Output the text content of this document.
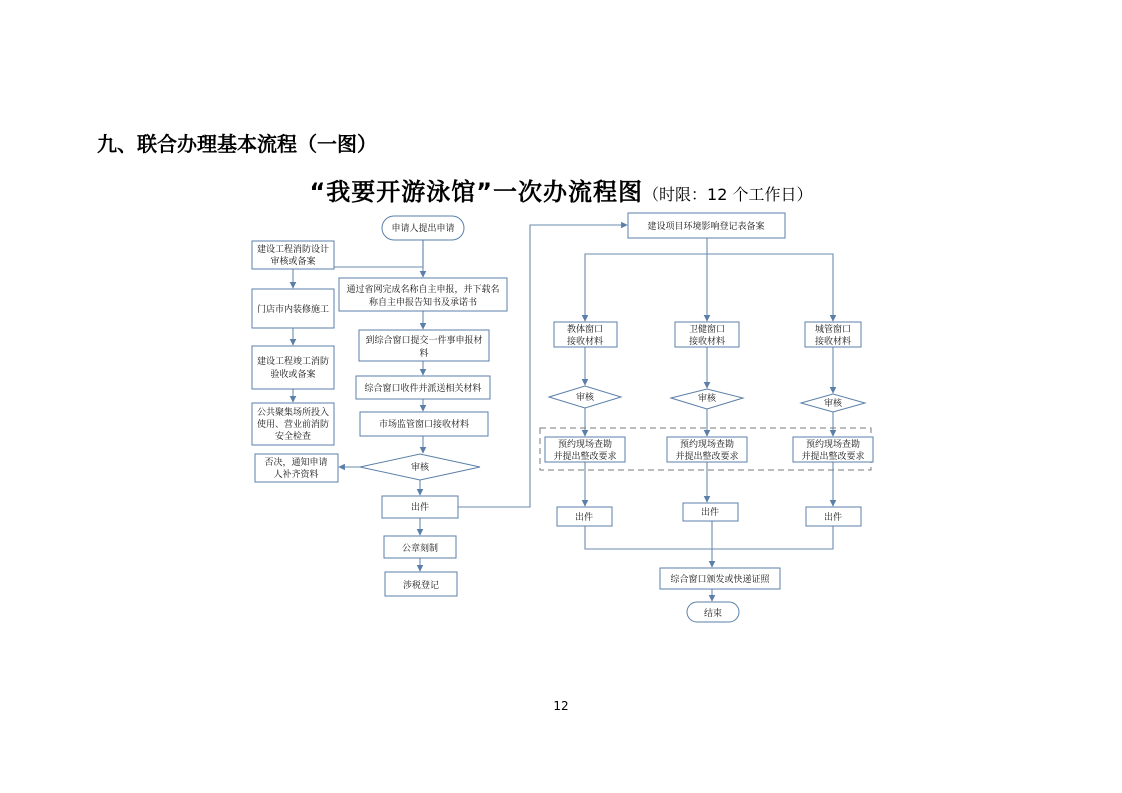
九、联合办理基本流程（一图）
“我要开游泳馆”一次办流程图（时限：12 个工作日）
申请人提出申请
通过省网完成名称自主申报，并下载名
称自主申报告知书及承诺书
到综合窗口提交一件事申报材
料
综合窗口收件并派送相关材料
市场监管窗口接收材料
审核
否决，通知申请
人补齐资料
出件
公章刻制
涉税登记
建设工程消防设计
审核或备案
门店市内装修施工
建设工程竣工消防
验收或备案
公共聚集场所投入
使用、营业前消防
安全检查
建设项目环境影响登记表备案
教体窗口
接收材料
卫健窗口
接收材料
城管窗口
接收材料
审核	审核	审核
预约现场查勘
并提出整改要求
预约现场查勘
并提出整改要求
预约现场查勘
并提出整改要求
出件	出件	出件
综合窗口颁发或快递证照
结束
12
